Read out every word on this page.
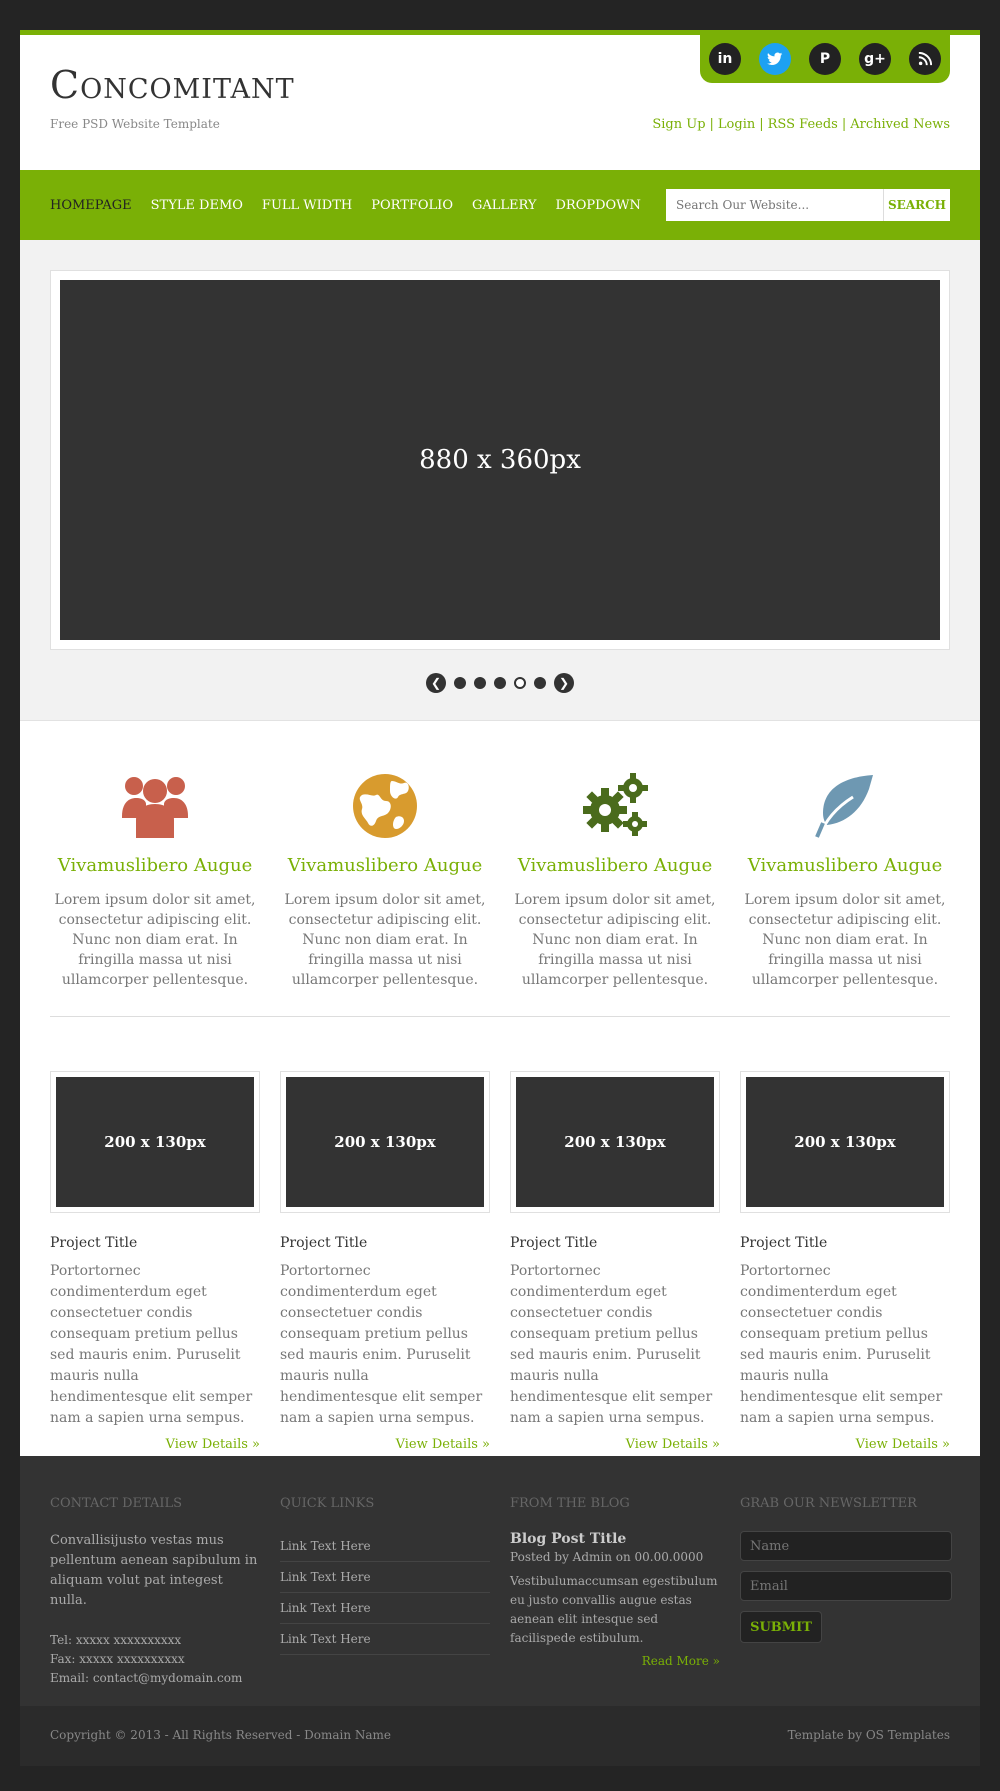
Concomitant
Free PSD Website Template
in	P	g+
Sign Up | Login | RSS Feeds | Archived News
HOMEPAGE STYLE DEMO FULL WIDTH PORTFOLIO GALLERY DROPDOWN
Search Our Website...	SEARCH
880 x 360px
❮	❯
Vivamuslibero Augue
Lorem ipsum dolor sit amet, consectetur adipiscing elit. Nunc non diam erat. In fringilla massa ut nisi ullamcorper pellentesque.
Vivamuslibero Augue
Lorem ipsum dolor sit amet, consectetur adipiscing elit. Nunc non diam erat. In fringilla massa ut nisi ullamcorper pellentesque.
Vivamuslibero Augue
Lorem ipsum dolor sit amet, consectetur adipiscing elit. Nunc non diam erat. In fringilla massa ut nisi ullamcorper pellentesque.
Vivamuslibero Augue
Lorem ipsum dolor sit amet, consectetur adipiscing elit. Nunc non diam erat. In fringilla massa ut nisi ullamcorper pellentesque.
200 x 130px
Project Title
Portortornec condimenterdum eget consectetuer condis consequam pretium pellus sed mauris enim. Puruselit mauris nulla hendimentesque elit semper nam a sapien urna sempus.
View Details »
200 x 130px
Project Title
Portortornec condimenterdum eget consectetuer condis consequam pretium pellus sed mauris enim. Puruselit mauris nulla hendimentesque elit semper nam a sapien urna sempus.
View Details »
200 x 130px
Project Title
Portortornec condimenterdum eget consectetuer condis consequam pretium pellus sed mauris enim. Puruselit mauris nulla hendimentesque elit semper nam a sapien urna sempus.
View Details »
200 x 130px
Project Title
Portortornec condimenterdum eget consectetuer condis consequam pretium pellus sed mauris enim. Puruselit mauris nulla hendimentesque elit semper nam a sapien urna sempus.
View Details »
CONTACT DETAILS
Convallisijusto vestas mus pellentum aenean sapibulum in aliquam volut pat integest nulla.
Tel: xxxxx xxxxxxxxxx
Fax: xxxxx xxxxxxxxxx
Email: contact@mydomain.com
QUICK LINKS
Link Text Here
Link Text Here
Link Text Here
Link Text Here
FROM THE BLOG
Blog Post Title
Posted by Admin on 00.00.0000
Vestibulumaccumsan egestibulum eu justo convallis augue estas aenean elit intesque sed facilispede estibulum.
Read More »
GRAB OUR NEWSLETTER
Name
Email
SUBMIT
Copyright © 2013 - All Rights Reserved - Domain Name	Template by OS Templates
